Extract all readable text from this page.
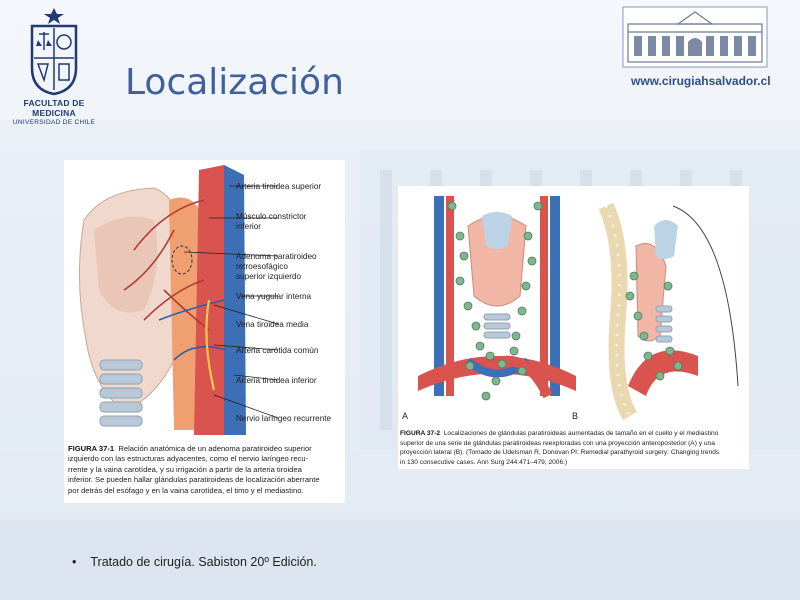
FACULTAD DE MEDICINA
UNIVERSIDAD DE CHILE
Localización	www.cirugiahsalvador.cl
Arteria tiroidea superior
Músculo constrictor
inferior
Adenoma paratiroideo
retroesofágico
superior izquierdo
Vena yugular interna
Vena tiroidea media
Arteria carótida común
Arteria tiroidea inferior
Nervio laríngeo recurrente
FIGURA 37-1 Relación anatómica de un adenoma paratiroideo superior
izquierdo con las estructuras adyacentes, como el nervio laríngeo recu-
rrente y la vaina carotídea, y su irrigación a partir de la arteria tiroidea
inferior. Se pueden hallar glándulas paratiroideas de localización aberrante
por detrás del esófago y en la vaina carotídea, el timo y el mediastino.
A	B
FIGURA 37-2 Localizaciones de glándulas paratiroideas aumentadas de tamaño en el cuello y el mediastino
superior de una serie de glándulas paratiroideas reexploradas con una proyección anteroposterior (A) y una
proyección lateral (B). (Tomado de Udelsman R, Donovan PI: Remedial parathyroid surgery: Changing trends
in 130 consecutive cases. Ann Surg 244:471–479, 2006.)
• Tratado de cirugía. Sabiston 20º Edición.
